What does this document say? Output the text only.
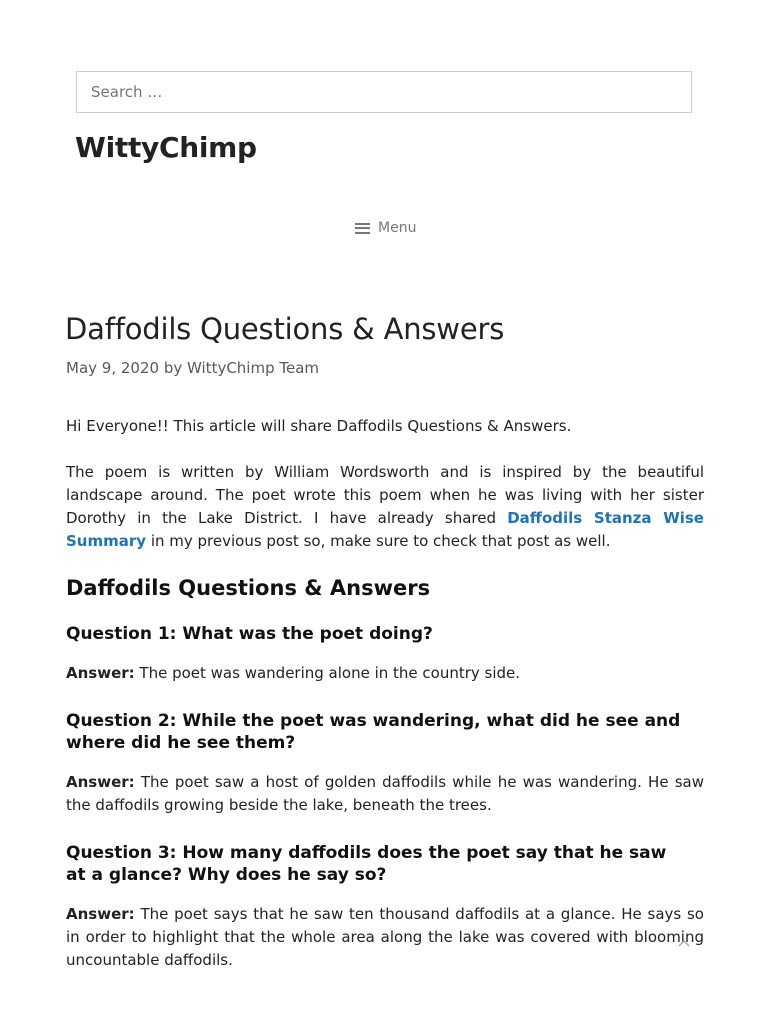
Search …
WittyChimp
Menu
Daffodils Questions & Answers
May 9, 2020 by WittyChimp Team

Hi Everyone!! This article will share Daffodils Questions & Answers.

The poem is written by William Wordsworth and is inspired by the beautiful landscape around. The poet wrote this poem when he was living with her sister Dorothy in the Lake District. I have already shared Daffodils Stanza Wise Summary in my previous post so, make sure to check that post as well.

Daffodils Questions & Answers
Question 1: What was the poet doing?

Answer: The poet was wandering alone in the country side.

Question 2: While the poet was wandering, what did he see and where did he see them?

Answer: The poet saw a host of golden daffodils while he was wandering. He saw the daffodils growing beside the lake, beneath the trees.

Question 3: How many daffodils does the poet say that he saw at a glance? Why does he say so?

Answer: The poet says that he saw ten thousand daffodils at a glance. He says so in order to highlight that the whole area along the lake was covered with blooming uncountable daffodils.
